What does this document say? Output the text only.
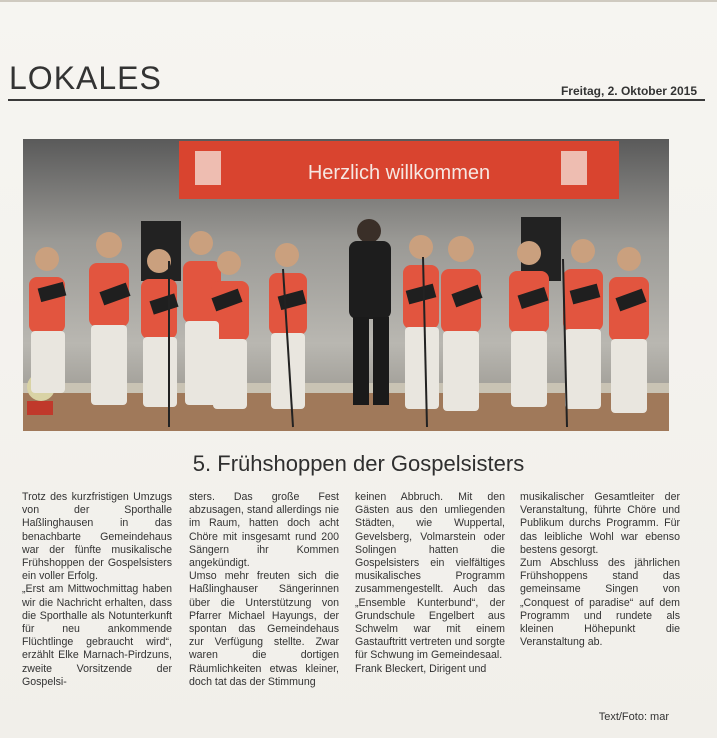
LOKALES	Freitag, 2. Oktober 2015
Herzlich willkommen
5. Frühshoppen der Gospelsisters

Trotz des kurzfristigen Umzugs von der Sporthalle Haßlinghausen in das benachbarte Gemeindehaus war der fünfte musikalische Frühshoppen der Gospelsisters ein voller Erfolg.

„Erst am Mittwochmittag haben wir die Nachricht erhalten, dass die Sporthalle als Notunterkunft für neu ankommende Flüchtlinge gebraucht wird“, erzählt Elke Marnach-Pirdzuns, zweite Vorsitzende der Gospelsi-

sters. Das große Fest abzusagen, stand allerdings nie im Raum, hatten doch acht Chöre mit insgesamt rund 200 Sängern ihr Kommen angekündigt.

Umso mehr freuten sich die Haßlinghauser Sängerinnen über die Unterstützung von Pfarrer Michael Hayungs, der spontan das Gemeindehaus zur Verfügung stellte. Zwar waren die dortigen Räumlichkeiten etwas kleiner, doch tat das der Stimmung

keinen Abbruch. Mit den Gästen aus den umliegenden Städten, wie Wuppertal, Gevelsberg, Volmarstein oder Solingen hatten die Gospelsisters ein vielfältiges musikalisches Programm zusammengestellt. Auch das „Ensemble Kunterbund“, der Grundschule Engelbert aus Schwelm war mit einem Gastauftritt vertreten und sorgte für Schwung im Gemeindesaal.

Frank Bleckert, Dirigent und

musikalischer Gesamtleiter der Veranstaltung, führte Chöre und Publikum durchs Programm. Für das leibliche Wohl war ebenso bestens gesorgt.

Zum Abschluss des jährlichen Frühshoppens stand das gemeinsame Singen von „Conquest of paradise“ auf dem Programm und rundete als kleinen Höhepunkt die Veranstaltung ab.

Text/Foto: mar
